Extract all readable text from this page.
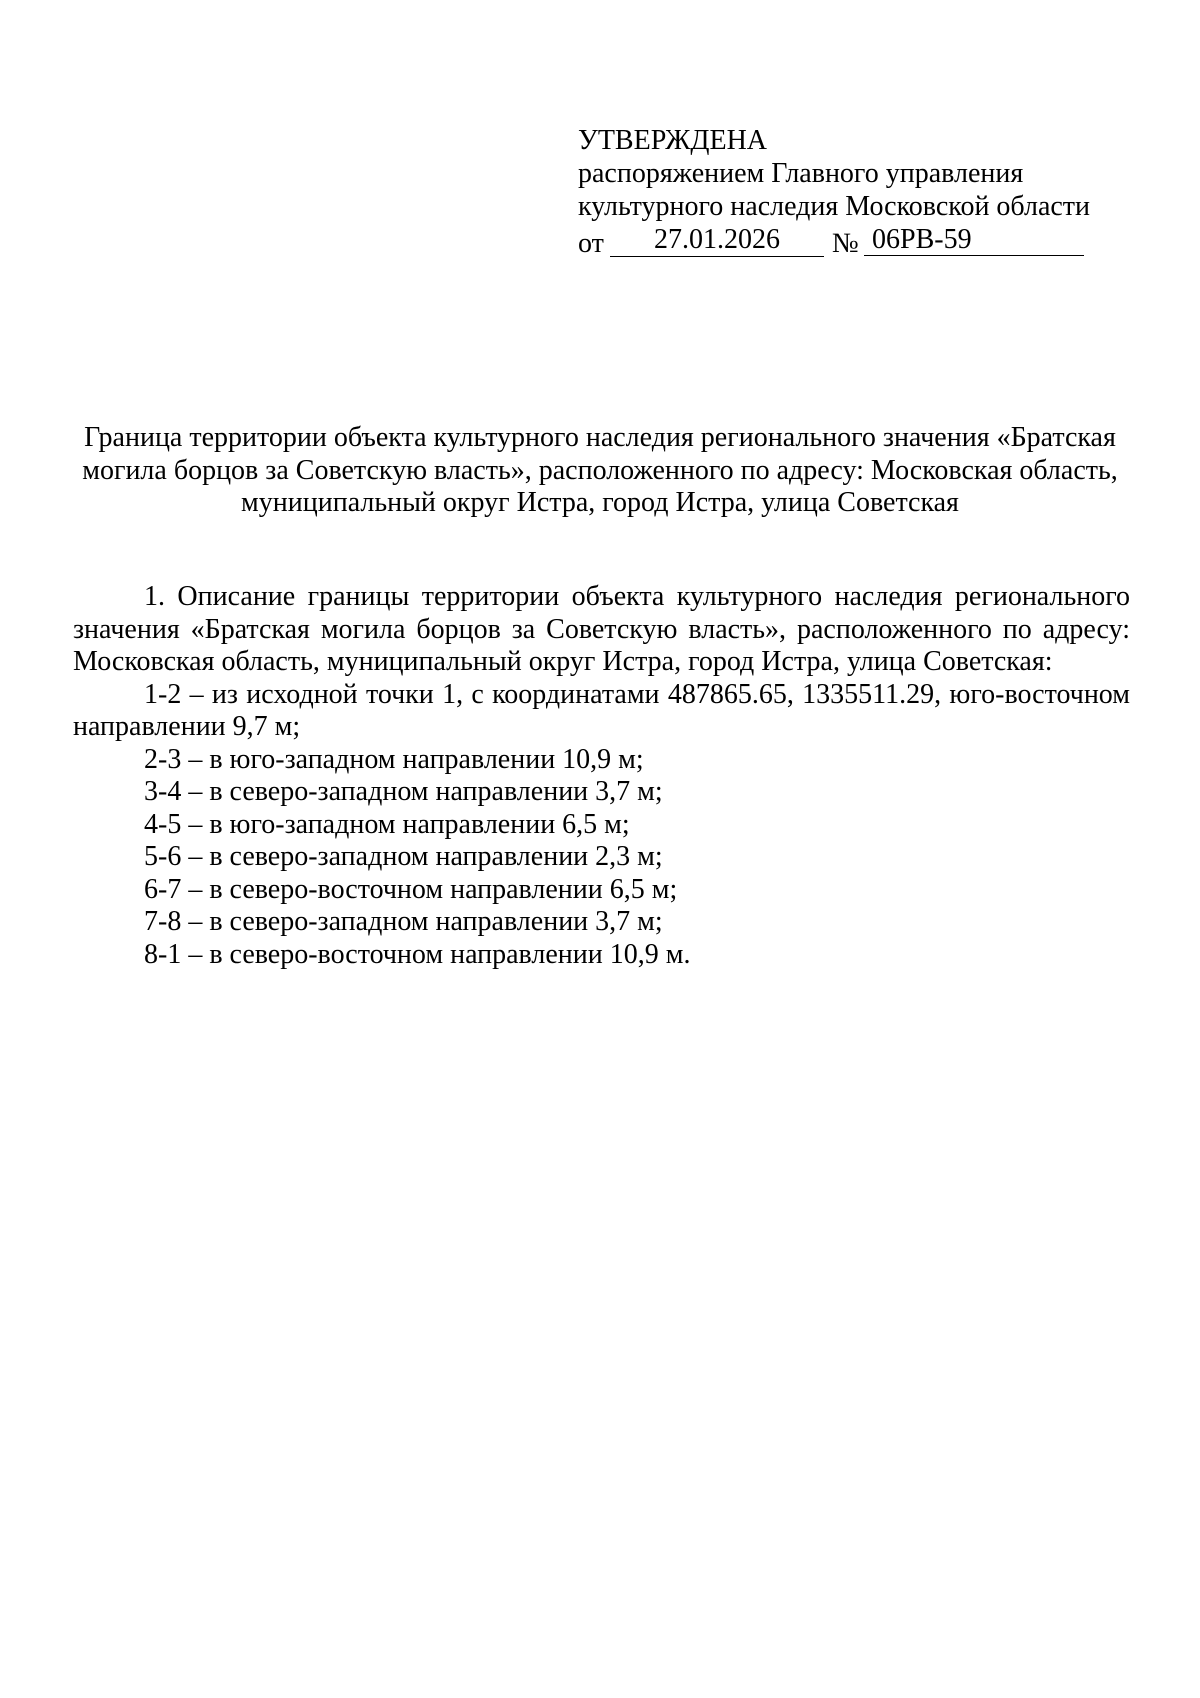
УТВЕРЖДЕНА
распоряжением Главного управления
культурного наследия Московской области
от	27.01.2026	№ 06РВ-59
Граница территории объекта культурного наследия регионального значения «Братская могила борцов за Советскую власть», расположенного по адресу: Московская область, муниципальный округ Истра, город Истра, улица Советская

1. Описание границы территории объекта культурного наследия регионального значения «Братская могила борцов за Советскую власть», расположенного по адресу: Московская область, муниципальный округ Истра, город Истра, улица Советская:

1-2 – из исходной точки 1, с координатами 487865.65, 1335511.29, юго-восточном направлении 9,7 м;

2-3 – в юго-западном направлении 10,9 м;

3-4 – в северо-западном направлении 3,7 м;

4-5 – в юго-западном направлении 6,5 м;

5-6 – в северо-западном направлении 2,3 м;

6-7 – в северо-восточном направлении 6,5 м;

7-8 – в северо-западном направлении 3,7 м;

8-1 – в северо-восточном направлении 10,9 м.
